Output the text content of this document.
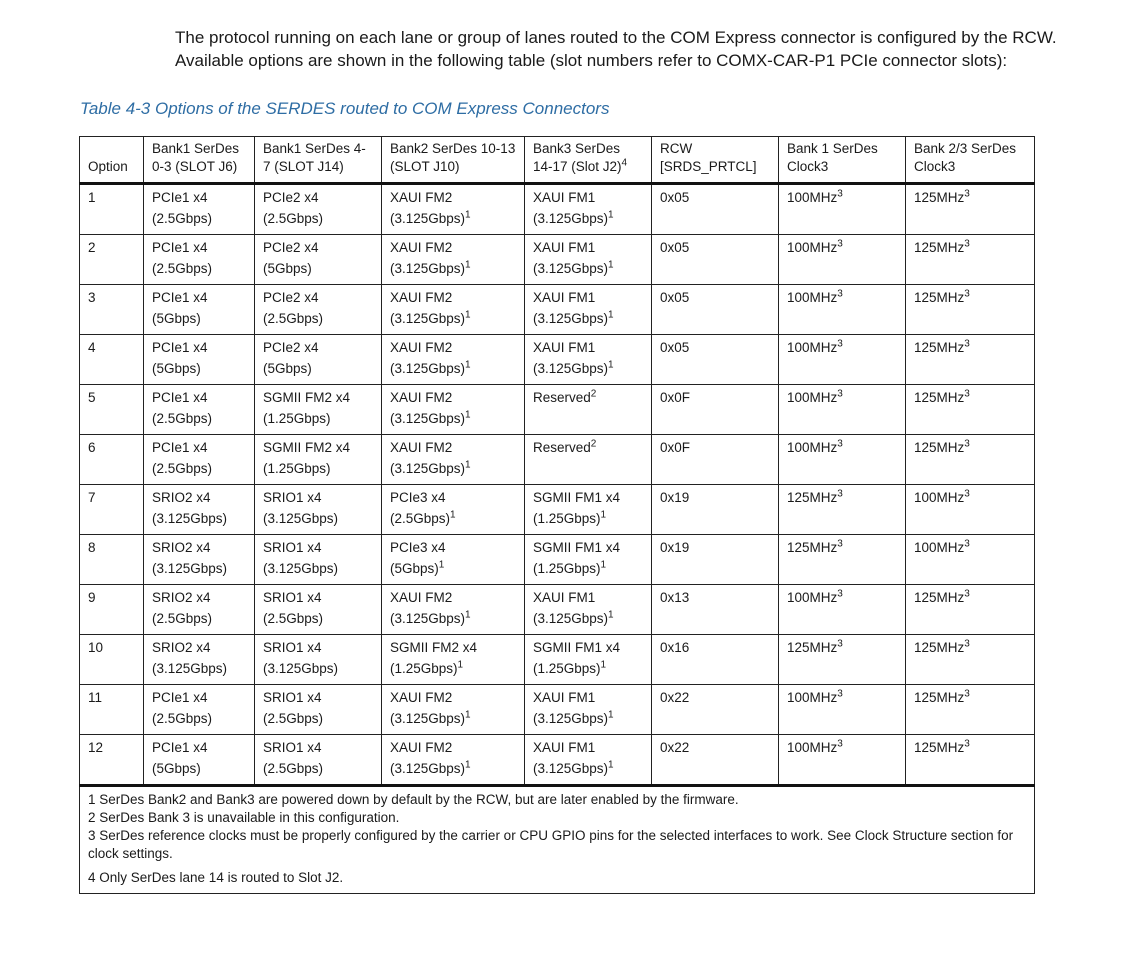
The protocol running on each lane or group of lanes routed to the COM Express connector is configured by the RCW. Available options are shown in the following table (slot numbers refer to COMX-CAR-P1 PCIe connector slots):

Table 4-3 Options of the SERDES routed to COM Express Connectors

Option	Bank1 SerDes 0-3 (SLOT J6)	Bank1 SerDes 4-7 (SLOT J14)	Bank2 SerDes 10-13 (SLOT J10)	Bank3 SerDes 14-17 (Slot J2)$^4$	RCW [SRDS_PRTCL]	Bank 1 SerDes Clock3	Bank 2/3 SerDes Clock3

1	PCIe1 x4
(2.5Gbps)	PCIe2 x4
(2.5Gbps)	XAUI FM2
(3.125Gbps)$^1$	XAUI FM1
(3.125Gbps)$^1$	0x05	100MHz$^3$	125MHz$^3$

2	PCIe1 x4
(2.5Gbps)	PCIe2 x4
(5Gbps)	XAUI FM2
(3.125Gbps)$^1$	XAUI FM1
(3.125Gbps)$^1$	0x05	100MHz$^3$	125MHz$^3$

3	PCIe1 x4
(5Gbps)	PCIe2 x4
(2.5Gbps)	XAUI FM2
(3.125Gbps)$^1$	XAUI FM1
(3.125Gbps)$^1$	0x05	100MHz$^3$	125MHz$^3$

4	PCIe1 x4
(5Gbps)	PCIe2 x4
(5Gbps)	XAUI FM2
(3.125Gbps)$^1$	XAUI FM1
(3.125Gbps)$^1$	0x05	100MHz$^3$	125MHz$^3$

5	PCIe1 x4
(2.5Gbps)	SGMII FM2 x4
(1.25Gbps)	XAUI FM2
(3.125Gbps)$^1$	Reserved$^2$	0x0F	100MHz$^3$	125MHz$^3$

6	PCIe1 x4
(2.5Gbps)	SGMII FM2 x4
(1.25Gbps)	XAUI FM2
(3.125Gbps)$^1$	Reserved$^2$	0x0F	100MHz$^3$	125MHz$^3$

7	SRIO2 x4
(3.125Gbps)	SRIO1 x4
(3.125Gbps)	PCIe3 x4
(2.5Gbps)$^1$	SGMII FM1 x4
(1.25Gbps)$^1$	0x19	125MHz$^3$	100MHz$^3$

8	SRIO2 x4
(3.125Gbps)	SRIO1 x4
(3.125Gbps)	PCIe3 x4
(5Gbps)$^1$	SGMII FM1 x4
(1.25Gbps)$^1$	0x19	125MHz$^3$	100MHz$^3$

9	SRIO2 x4
(2.5Gbps)	SRIO1 x4
(2.5Gbps)	XAUI FM2
(3.125Gbps)$^1$	XAUI FM1
(3.125Gbps)$^1$	0x13	100MHz$^3$	125MHz$^3$

10	SRIO2 x4
(3.125Gbps)	SRIO1 x4
(3.125Gbps)	SGMII FM2 x4
(1.25Gbps)$^1$	SGMII FM1 x4
(1.25Gbps)$^1$	0x16	125MHz$^3$	125MHz$^3$

11	PCIe1 x4
(2.5Gbps)	SRIO1 x4
(2.5Gbps)	XAUI FM2
(3.125Gbps)$^1$	XAUI FM1
(3.125Gbps)$^1$	0x22	100MHz$^3$	125MHz$^3$

12	PCIe1 x4
(5Gbps)	SRIO1 x4
(2.5Gbps)	XAUI FM2
(3.125Gbps)$^1$	XAUI FM1
(3.125Gbps)$^1$	0x22	100MHz$^3$	125MHz$^3$

1 SerDes Bank2 and Bank3 are powered down by default by the RCW, but are later enabled by the firmware.

2 SerDes Bank 3 is unavailable in this configuration.

3 SerDes reference clocks must be properly configured by the carrier or CPU GPIO pins for the selected interfaces to work. See Clock Structure section for clock settings.

4 Only SerDes lane 14 is routed to Slot J2.							
